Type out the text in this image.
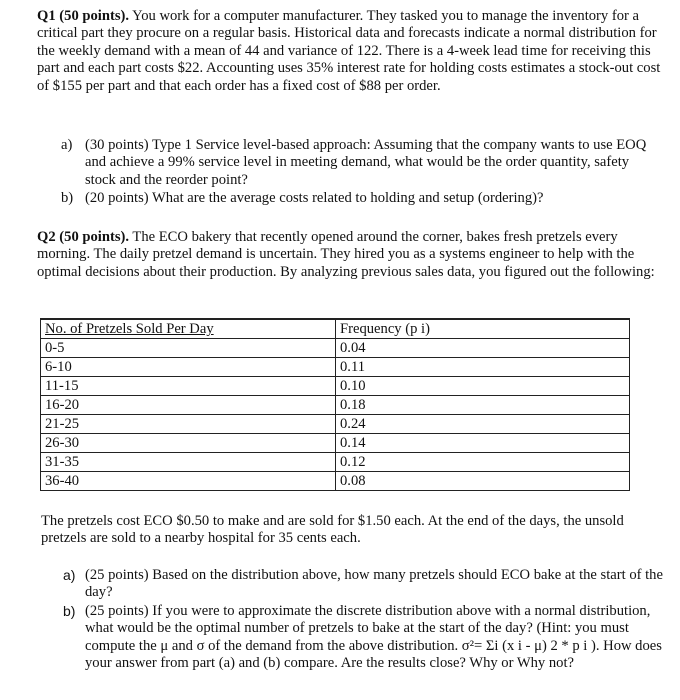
Q1 (50 points). You work for a computer manufacturer. They tasked you to manage the inventory for a critical part they procure on a regular basis. Historical data and forecasts indicate a normal distribution for the weekly demand with a mean of 44 and variance of 122. There is a 4-week lead time for receiving this part and each part costs $22. Accounting uses 35% interest rate for holding costs estimates a stock-out cost of $155 per part and that each order has a fixed cost of $88 per order.

a) (30 points) Type 1 Service level-based approach: Assuming that the company wants to use EOQ and achieve a 99% service level in meeting demand, what would be the order quantity, safety stock and the reorder point?
b) (20 points) What are the average costs related to holding and setup (ordering)?

Q2 (50 points). The ECO bakery that recently opened around the corner, bakes fresh pretzels every morning. The daily pretzel demand is uncertain. They hired you as a systems engineer to help with the optimal decisions about their production. By analyzing previous sales data, you figured out the following:

No. of Pretzels Sold Per Day	Frequency (p i)
0-5	0.04
6-10	0.11
11-15	0.10
16-20	0.18
21-25	0.24
26-30	0.14
31-35	0.12
36-40	0.08
The pretzels cost ECO $0.50 to make and are sold for $1.50 each. At the end of the days, the unsold pretzels are sold to a nearby hospital for 35 cents each.
a) (25 points) Based on the distribution above, how many pretzels should ECO bake at the start of the day?
b) (25 points) If you were to approximate the discrete distribution above with a normal distribution, what would be the optimal number of pretzels to bake at the start of the day? (Hint: you must compute the μ and σ of the demand from the above distribution. σ²= Σi (x i - μ) 2 * p i ). How does your answer from part (a) and (b) compare. Are the results close? Why or Why not?
